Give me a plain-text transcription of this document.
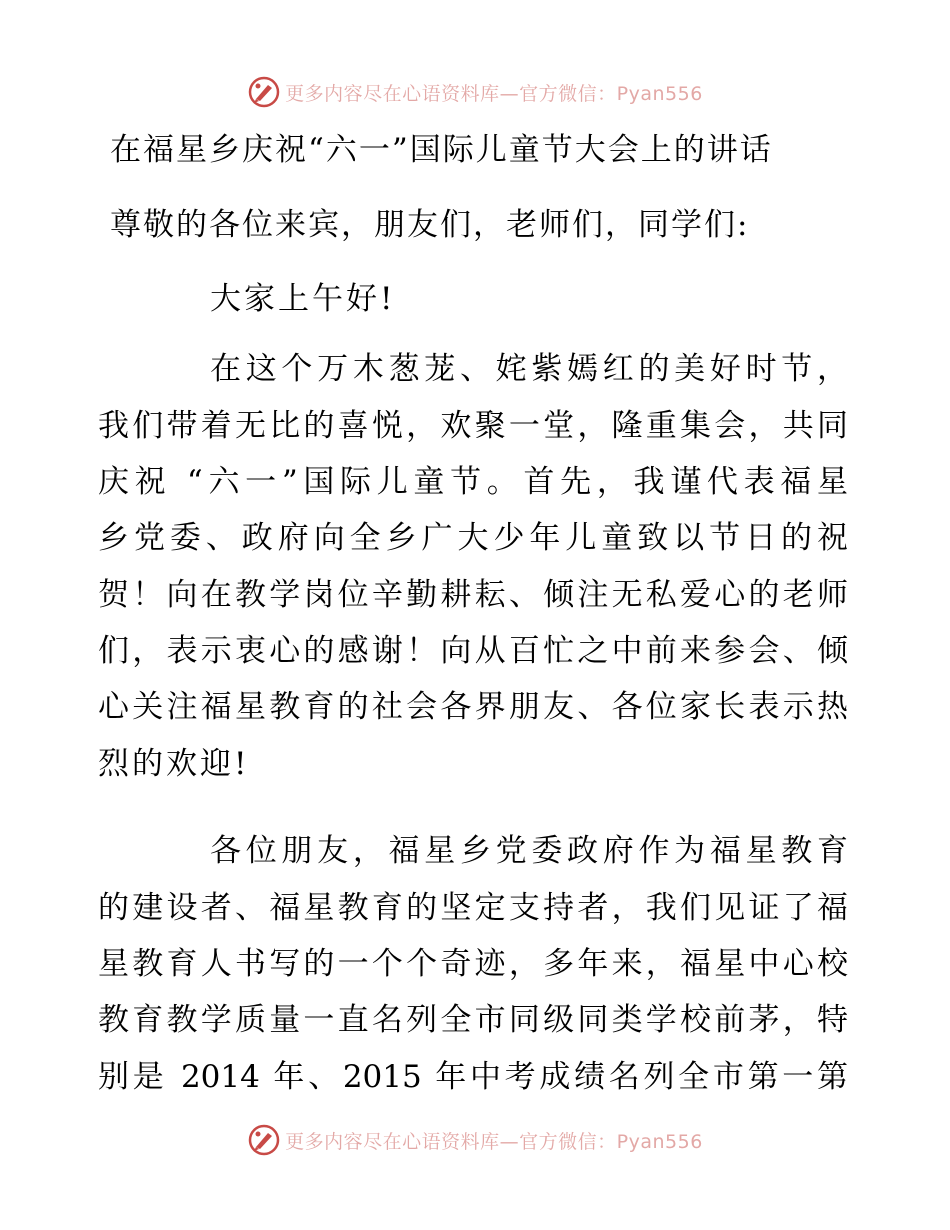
更多内容尽在心语资料库—官方微信：Pyan556
在福星乡庆祝“六一”国际儿童节大会上的讲话

尊敬的各位来宾，朋友们，老师们，同学们:

大家上午好!

在这个万木葱茏、姹紫嫣红的美好时节，

我们带着无比的喜悦，欢聚一堂，隆重集会，共同

庆祝 “六一”国际儿童节。首先，我谨代表福星

乡党委、政府向全乡广大少年儿童致以节日的祝

贺！向在教学岗位辛勤耕耘、倾注无私爱心的老师

们，表示衷心的感谢！向从百忙之中前来参会、倾

心关注福星教育的社会各界朋友、各位家长表示热

烈的欢迎!

各位朋友，福星乡党委政府作为福星教育

的建设者、福星教育的坚定支持者，我们见证了福

星教育人书写的一个个奇迹，多年来，福星中心校

教育教学质量一直名列全市同级同类学校前茅，特

别是 2014 年、2015 年中考成绩名列全市第一第

更多内容尽在心语资料库—官方微信：Pyan556
